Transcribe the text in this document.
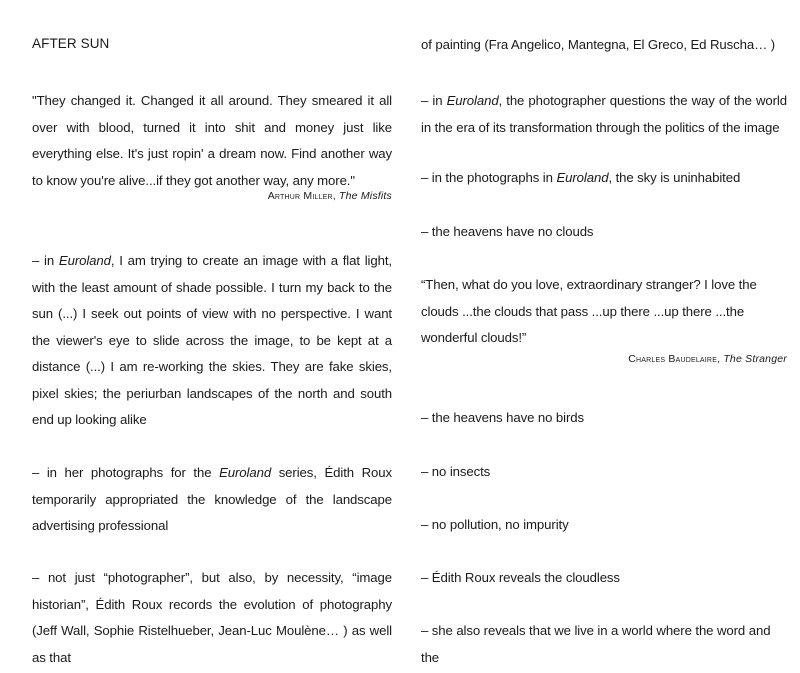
AFTER SUN

"They changed it. Changed it all around. They smeared it all over with blood, turned it into shit and money just like everything else. It's just ropin' a dream now. Find another way to know you're alive...if they got another way, any more."

Arthur Miller, The Misfits

– in Euroland, I am trying to create an image with a flat light, with the least amount of shade possible. I turn my back to the sun (...) I seek out points of view with no perspective. I want the viewer's eye to slide across the image, to be kept at a distance (...) I am re-working the skies. They are fake skies, pixel skies; the periurban landscapes of the north and south end up looking alike

– in her photographs for the Euroland series, Édith Roux temporarily appropriated the knowledge of the landscape advertising professional

– not just “photographer”, but also, by necessity, “image historian”, Édith Roux records the evolution of photography (Jeff Wall, Sophie Ristelhueber, Jean-Luc Moulène… ) as well as that

of painting (Fra Angelico, Mantegna, El Greco, Ed Ruscha… )

– in Euroland, the photographer questions the way of the world in the era of its transformation through the politics of the image

– in the photographs in Euroland, the sky is uninhabited

– the heavens have no clouds

“Then, what do you love, extraordinary stranger? I love the clouds ...the clouds that pass ...up there ...up there ...the wonderful clouds!”

Charles Baudelaire, The Stranger

– the heavens have no birds

– no insects

– no pollution, no impurity

– Édith Roux reveals the cloudless

– she also reveals that we live in a world where the word and the
